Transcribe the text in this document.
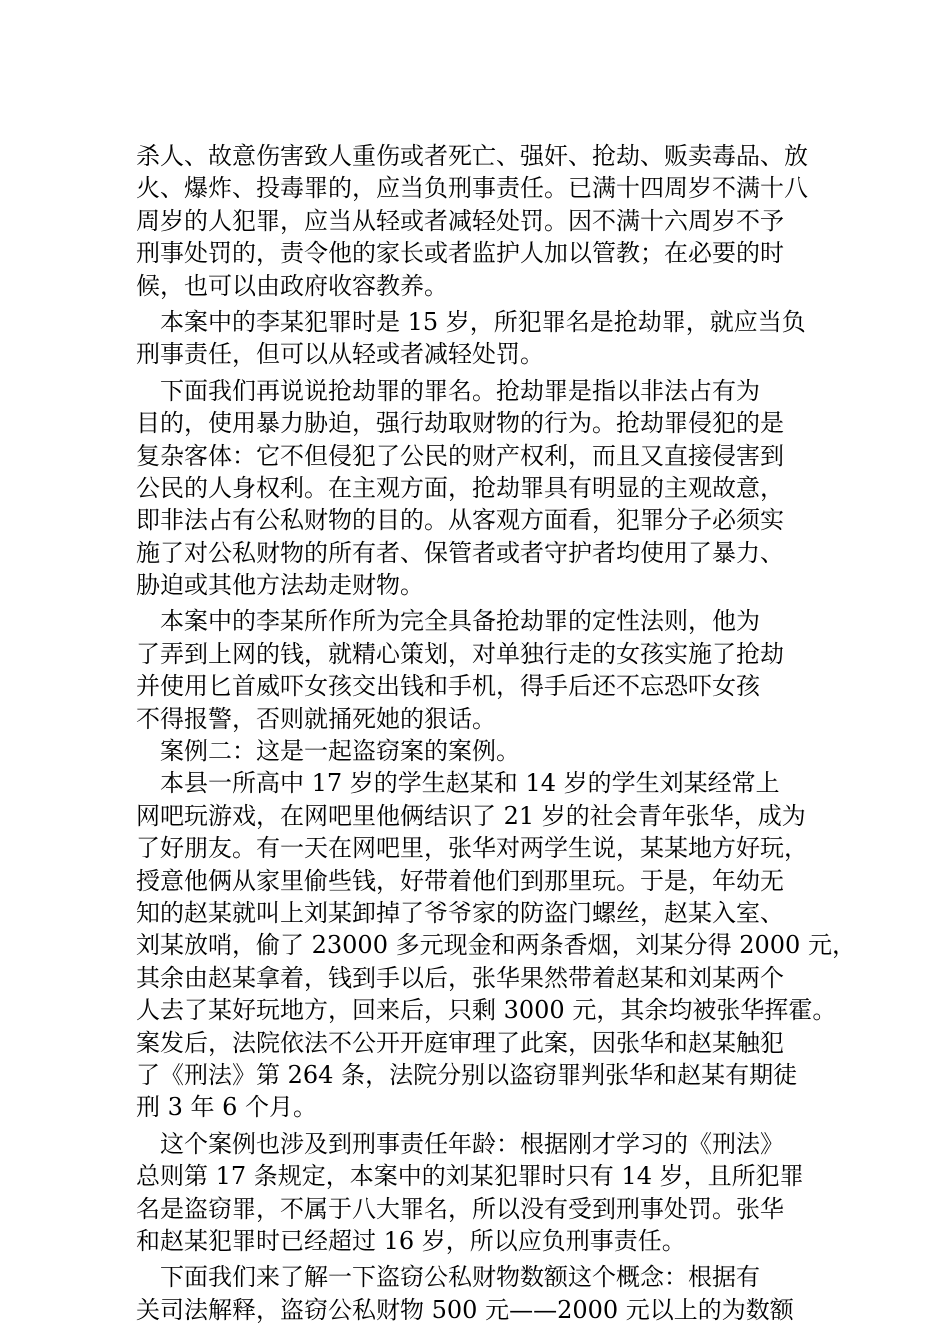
杀人、故意伤害致人重伤或者死亡、强奸、抢劫、贩卖毒品、放
火、爆炸、投毒罪的，应当负刑事责任。已满十四周岁不满十八
周岁的人犯罪，应当从轻或者减轻处罚。因不满十六周岁不予
刑事处罚的，责令他的家长或者监护人加以管教；在必要的时
候，也可以由政府收容教养。
　本案中的李某犯罪时是 15 岁，所犯罪名是抢劫罪，就应当负
刑事责任，但可以从轻或者减轻处罚。
　下面我们再说说抢劫罪的罪名。抢劫罪是指以非法占有为
目的，使用暴力胁迫，强行劫取财物的行为。抢劫罪侵犯的是
复杂客体：它不但侵犯了公民的财产权利，而且又直接侵害到
公民的人身权利。在主观方面，抢劫罪具有明显的主观故意，
即非法占有公私财物的目的。从客观方面看，犯罪分子必须实
施了对公私财物的所有者、保管者或者守护者均使用了暴力、
胁迫或其他方法劫走财物。
　本案中的李某所作所为完全具备抢劫罪的定性法则，他为
了弄到上网的钱，就精心策划，对单独行走的女孩实施了抢劫
并使用匕首威吓女孩交出钱和手机，得手后还不忘恐吓女孩
不得报警，否则就捅死她的狠话。
　案例二：这是一起盗窃案的案例。
　本县一所高中 17 岁的学生赵某和 14 岁的学生刘某经常上
网吧玩游戏，在网吧里他俩结识了 21 岁的社会青年张华，成为
了好朋友。有一天在网吧里，张华对两学生说，某某地方好玩，
授意他俩从家里偷些钱，好带着他们到那里玩。于是，年幼无
知的赵某就叫上刘某卸掉了爷爷家的防盗门螺丝，赵某入室、
刘某放哨，偷了 23000 多元现金和两条香烟，刘某分得 2000 元，
其余由赵某拿着，钱到手以后，张华果然带着赵某和刘某两个
人去了某好玩地方，回来后，只剩 3000 元，其余均被张华挥霍。
案发后，法院依法不公开开庭审理了此案，因张华和赵某触犯
了《刑法》第 264 条，法院分别以盗窃罪判张华和赵某有期徒
刑 3 年 6 个月。
　这个案例也涉及到刑事责任年龄：根据刚才学习的《刑法》
总则第 17 条规定，本案中的刘某犯罪时只有 14 岁，且所犯罪
名是盗窃罪，不属于八大罪名，所以没有受到刑事处罚。张华
和赵某犯罪时已经超过 16 岁，所以应负刑事责任。
　下面我们来了解一下盗窃公私财物数额这个概念：根据有
关司法解释，盗窃公私财物 500 元——2000 元以上的为数额
